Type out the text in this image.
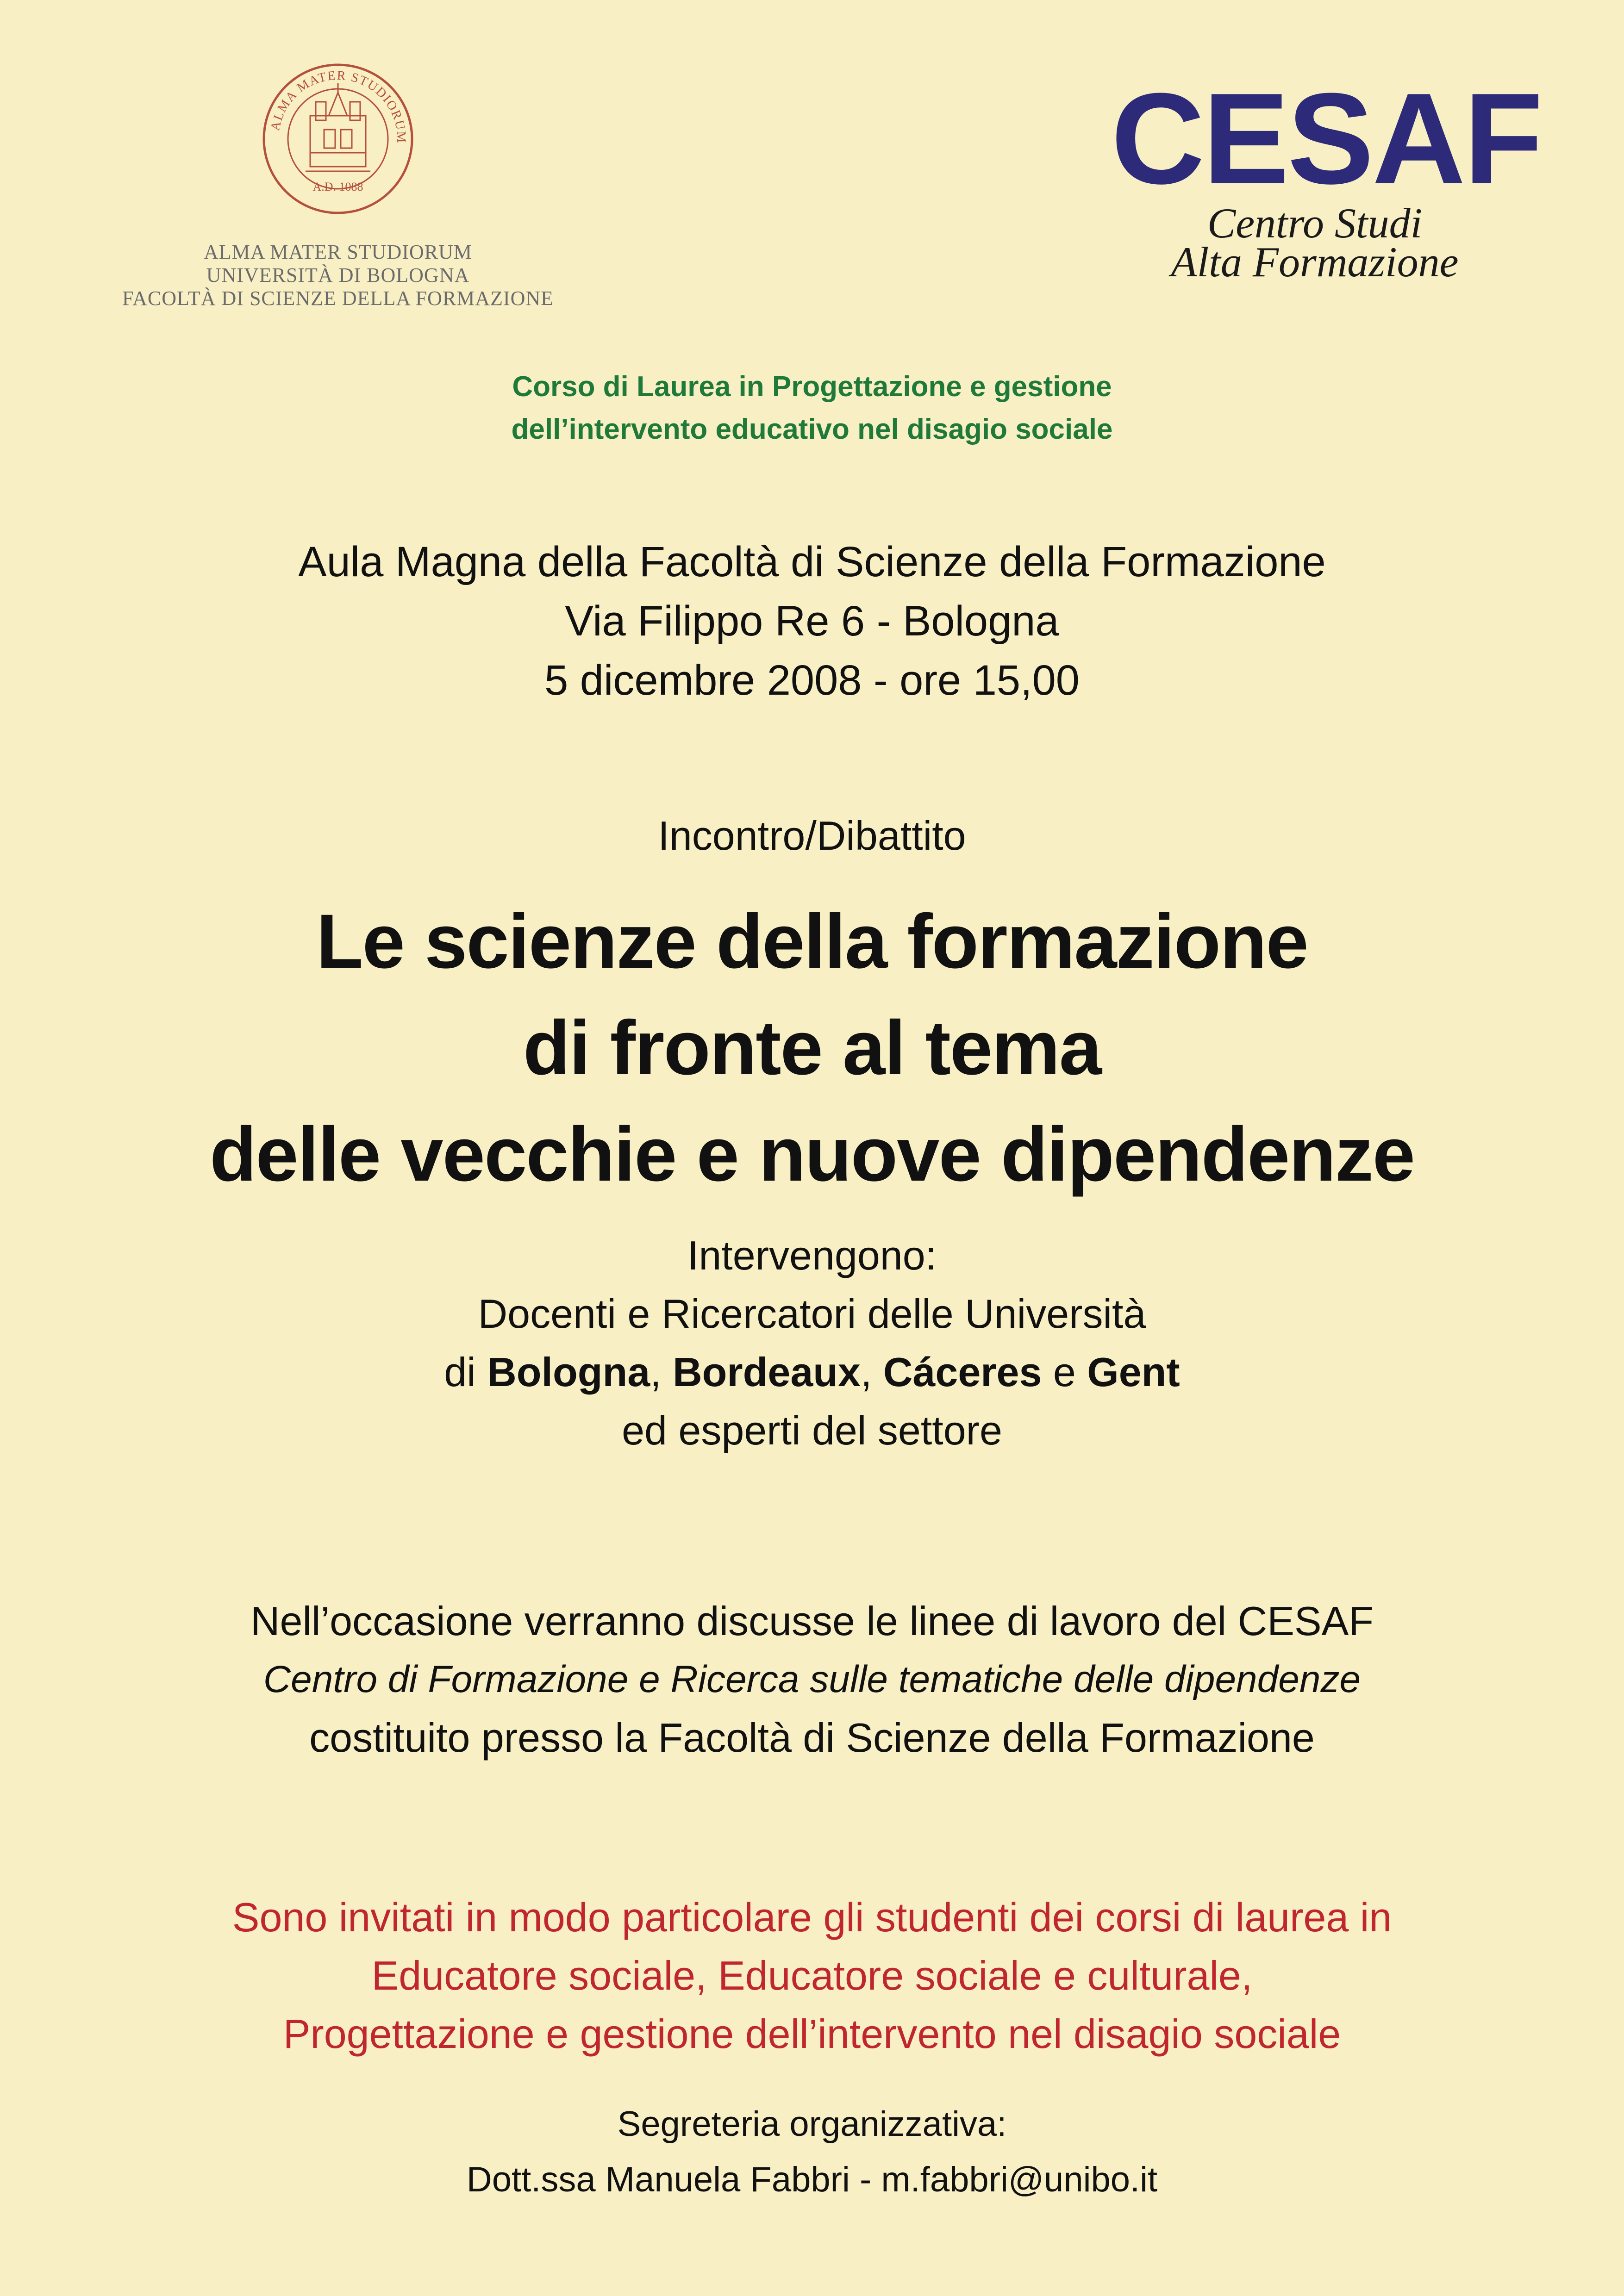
ALMA MATER STUDIORUM
A.D. 1088
ALMA MATER STUDIORUM
UNIVERSITÀ DI BOLOGNA
FACOLTÀ DI SCIENZE DELLA FORMAZIONE
CESAF
Centro Studi
Alta Formazione
Corso di Laurea in Progettazione e gestione
dell’intervento educativo nel disagio sociale
Aula Magna della Facoltà di Scienze della Formazione
Via Filippo Re 6 - Bologna
5 dicembre 2008 - ore 15,00
Incontro/Dibattito
Le scienze della formazione
di fronte al tema
delle vecchie e nuove dipendenze
Intervengono:
Docenti e Ricercatori delle Università
di Bologna, Bordeaux, Cáceres e Gent
ed esperti del settore
Nell’occasione verranno discusse le linee di lavoro del CESAF
Centro di Formazione e Ricerca sulle tematiche delle dipendenze
costituito presso la Facoltà di Scienze della Formazione
Sono invitati in modo particolare gli studenti dei corsi di laurea in
Educatore sociale, Educatore sociale e culturale,
Progettazione e gestione dell’intervento nel disagio sociale
Segreteria organizzativa:
Dott.ssa Manuela Fabbri - m.fabbri@unibo.it
